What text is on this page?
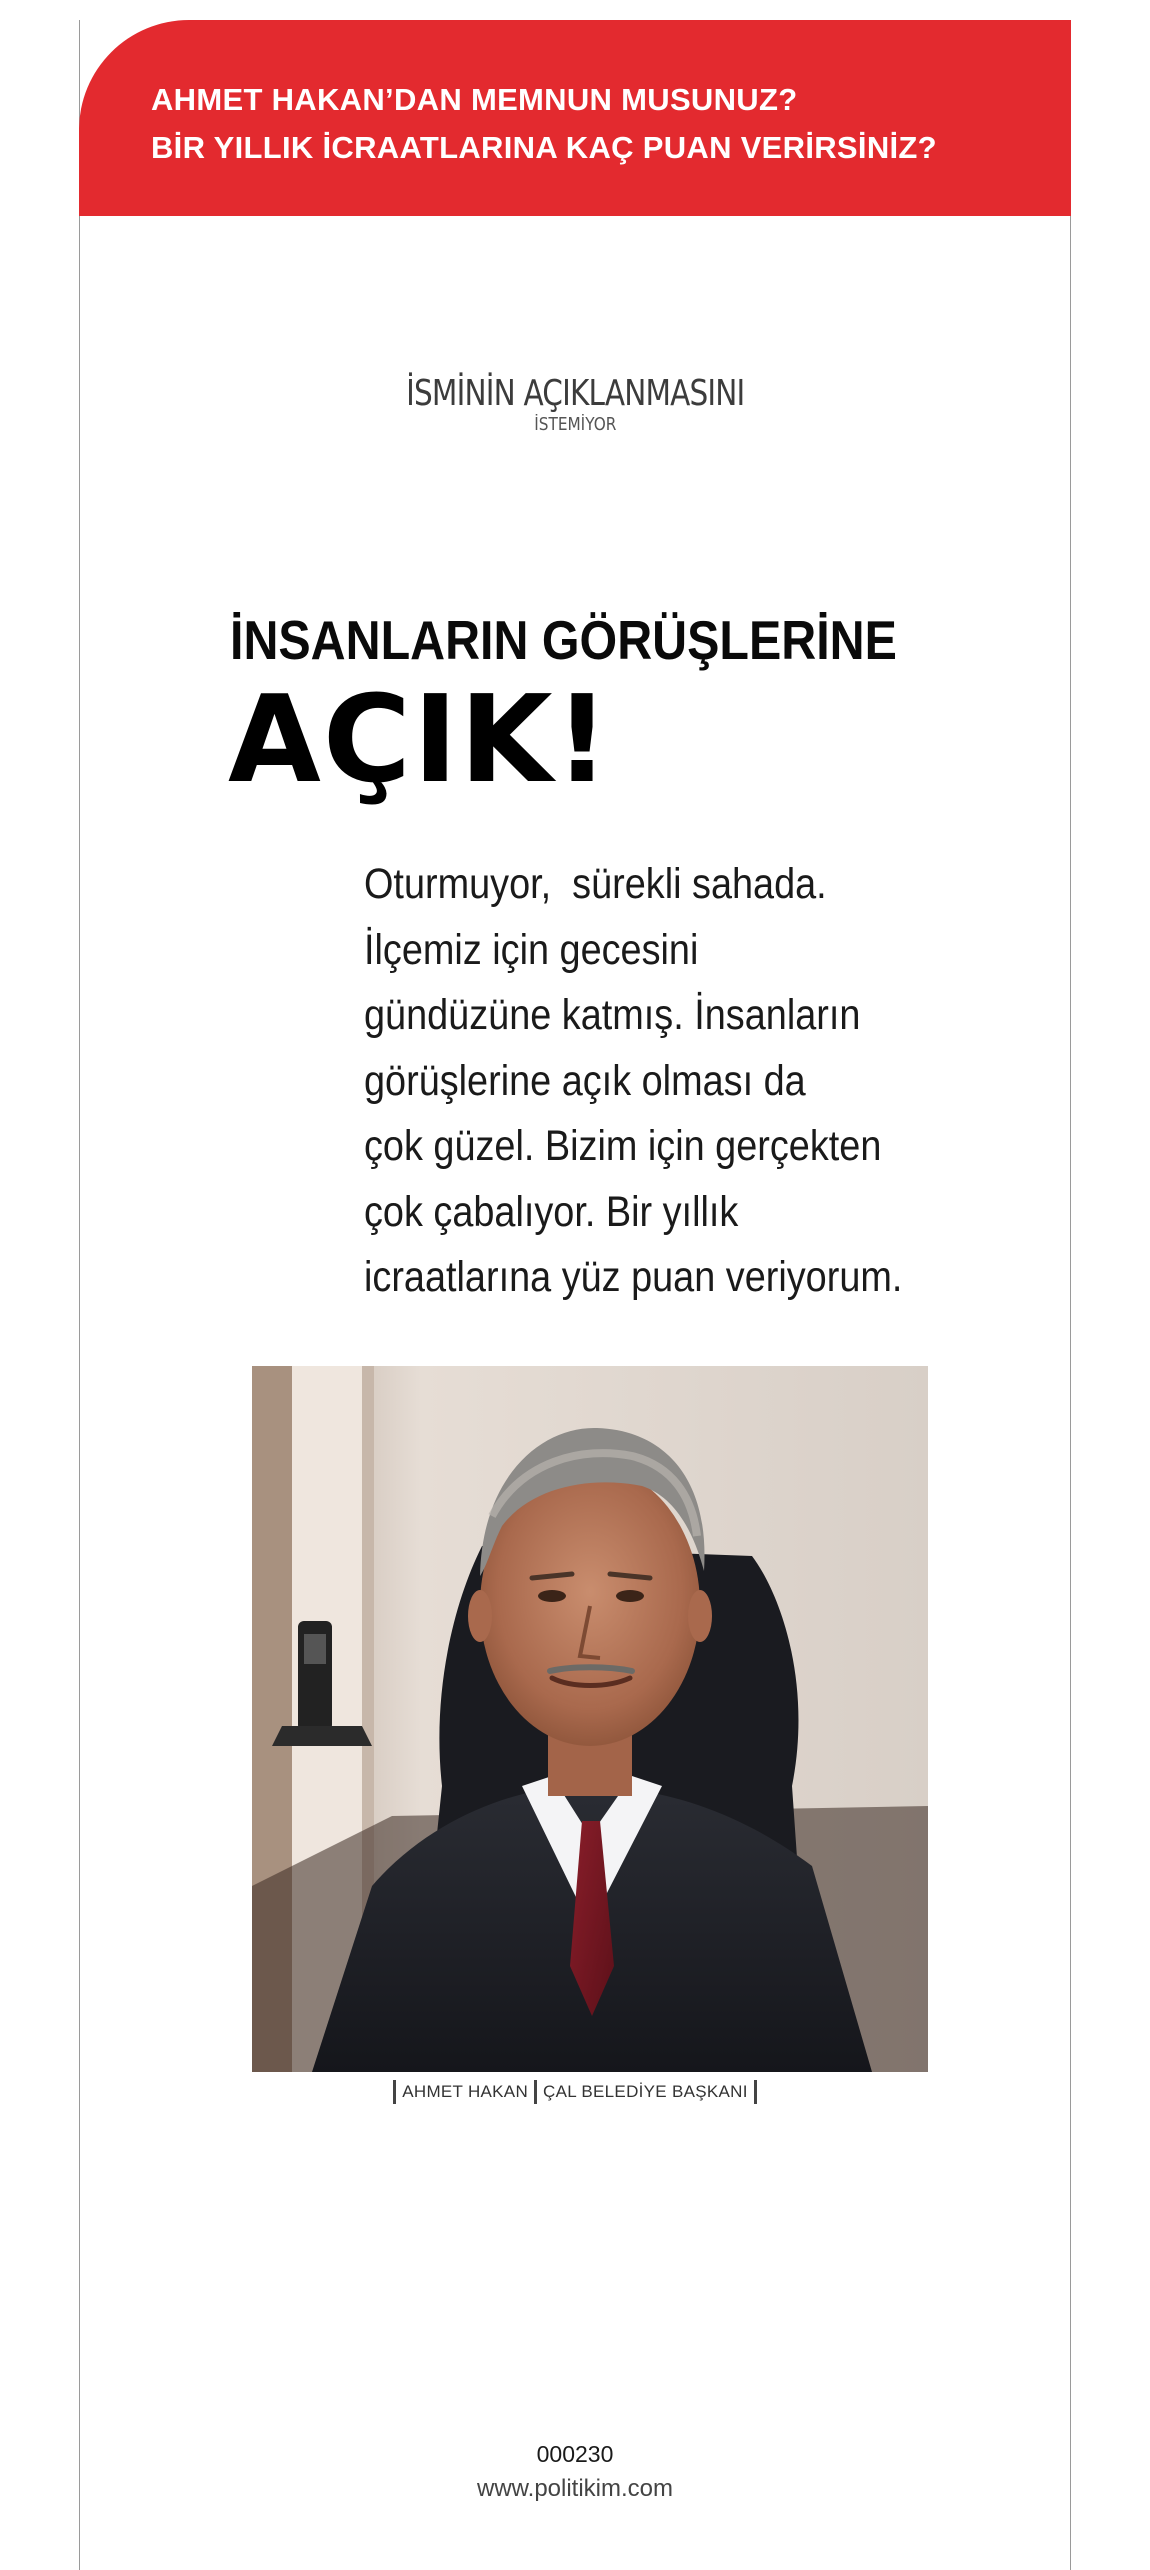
AHMET HAKAN’DAN MEMNUN MUSUNUZ?
BİR YILLIK İCRAATLARINA KAÇ PUAN VERİRSİNİZ?
İSMİNİN AÇIKLANMASINI
İSTEMİYOR
İNSANLARIN GÖRÜŞLERİNE
AÇIK!
Oturmuyor,  sürekli sahada.
İlçemiz için gecesini
gündüzüne katmış. İnsanların
görüşlerine açık olması da
çok güzel. Bizim için gerçekten
çok çabalıyor. Bir yıllık
icraatlarına yüz puan veriyorum.
AHMET HAKAN ÇAL BELEDİYE BAŞKANI
000230
www.politikim.com
